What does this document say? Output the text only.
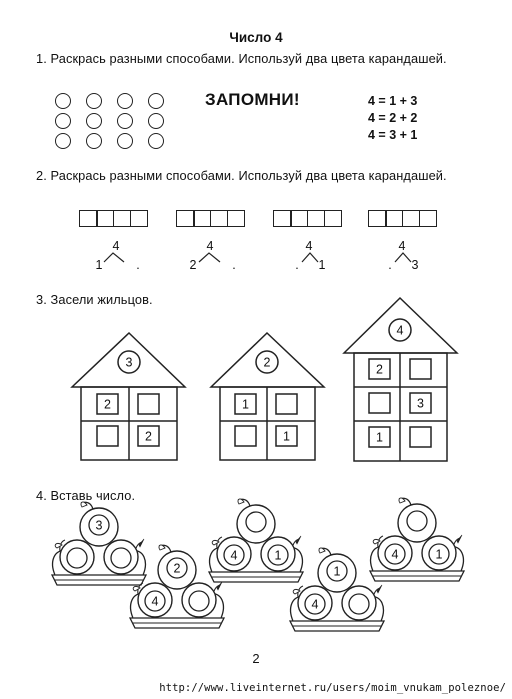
Число 4
1. Раскрась разными способами. Используй два цвета карандашей.
ЗАПОМНИ!	4 = 1 + 3
4 = 2 + 2
4 = 3 + 1
2. Раскрась разными способами. Используй два цвета карандашей.
4
1	.
4
2	.
4
. 1
4
. 3
3. Засели жильцов.
3
2
2
2
1
1
4
2
3
1
4. Вставь число.
3
4	1	4	1
2
4
1
4
2
http://www.liveinternet.ru/users/moim_vnukam_poleznoe/
